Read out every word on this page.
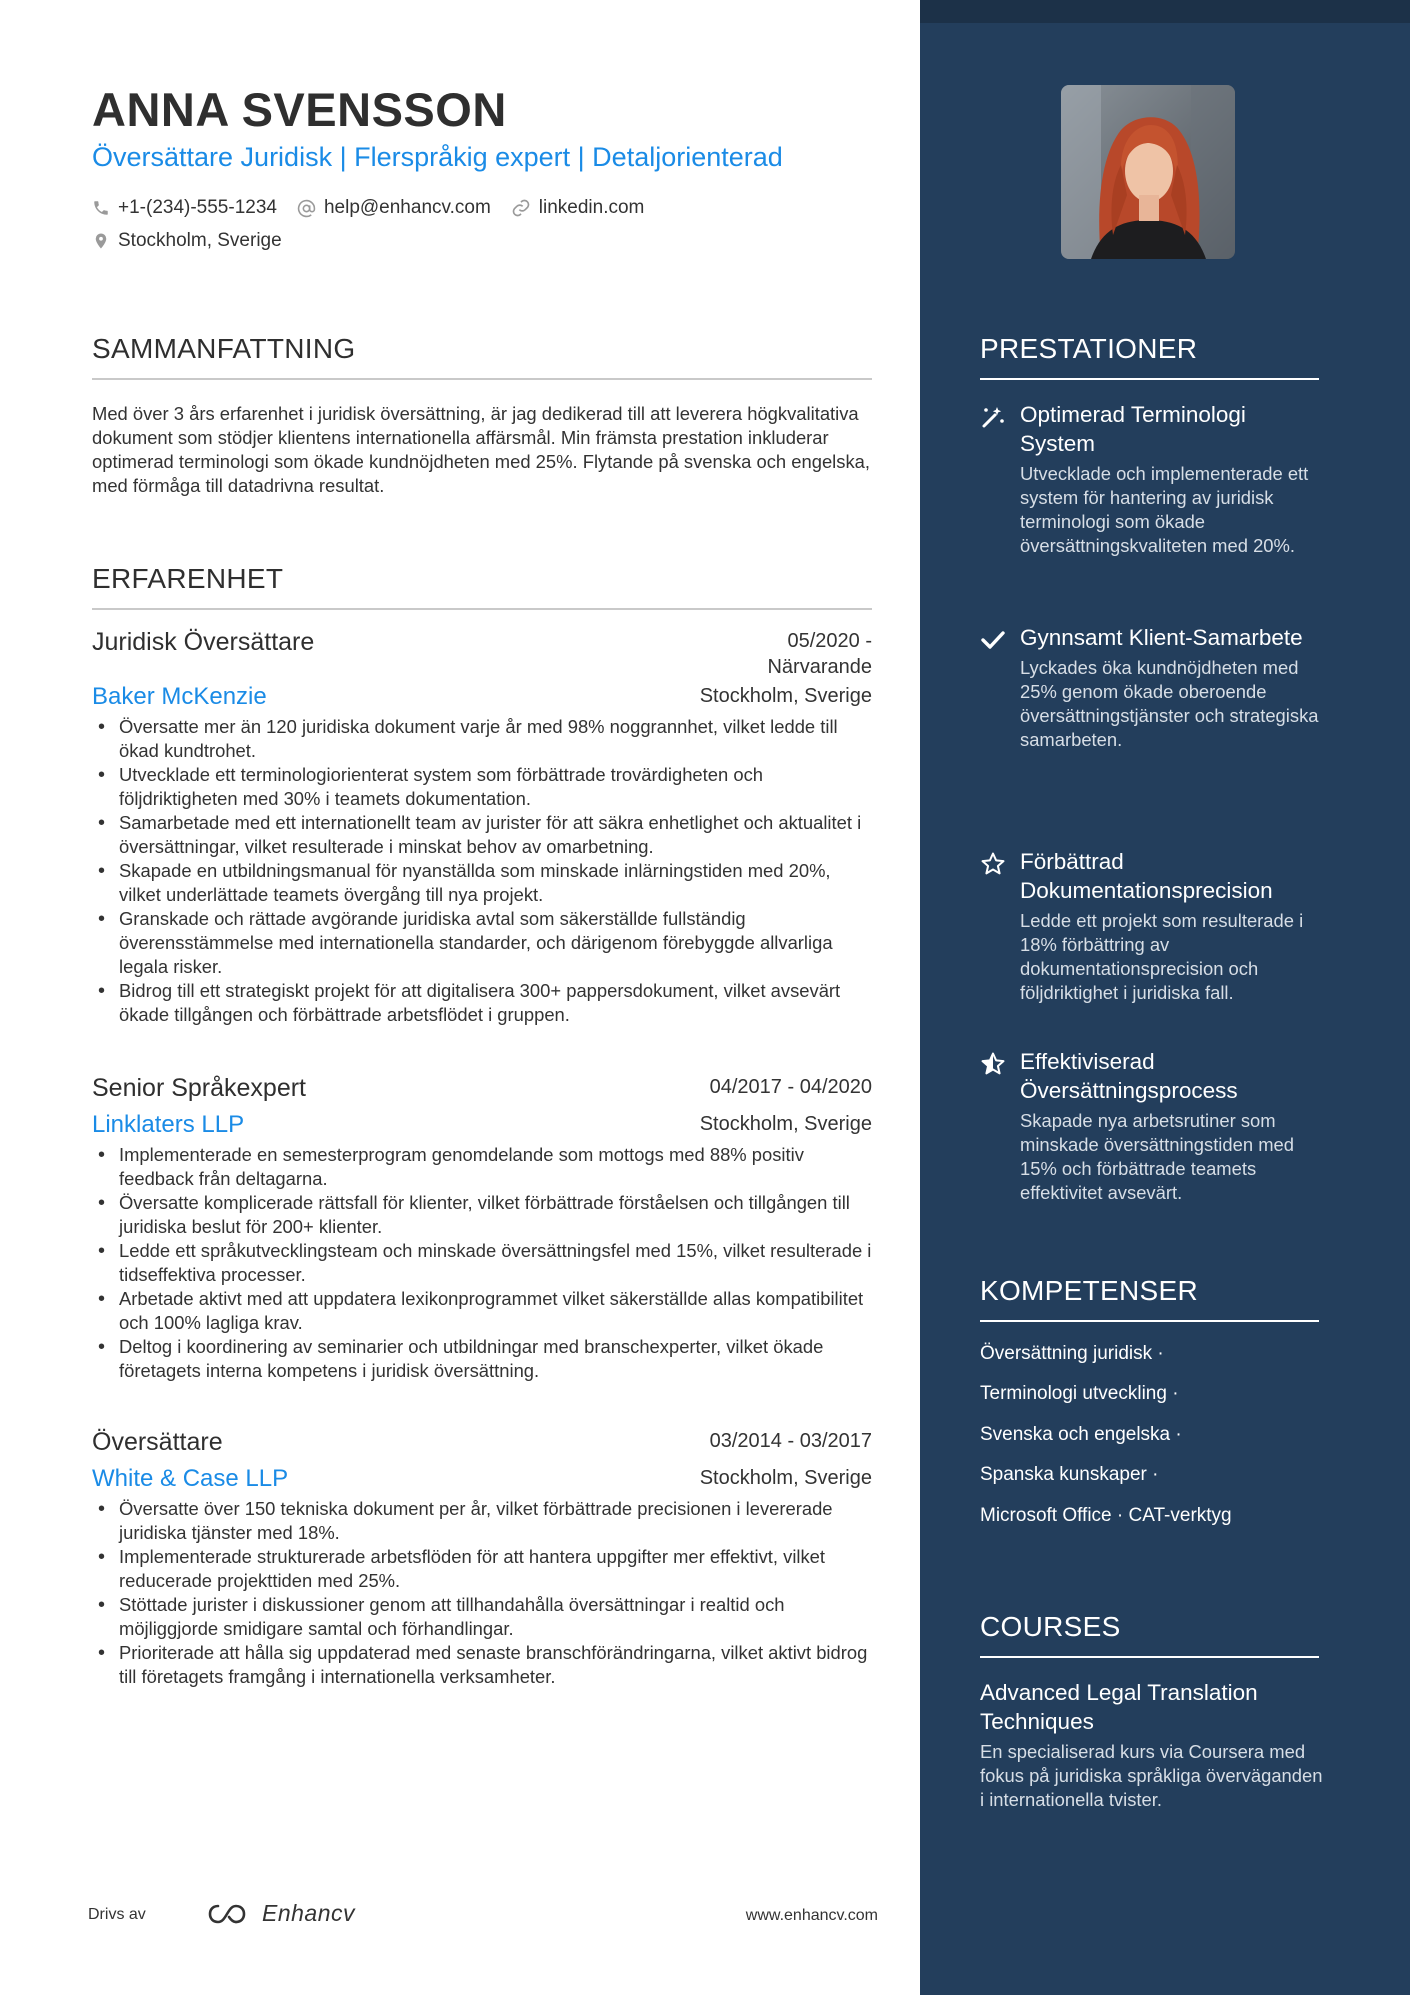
ANNA SVENSSON
Översättare Juridisk | Flerspråkig expert | Detaljorienterad
+1-(234)-555-1234 help@enhancv.com	linkedin.com
Stockholm, Sverige
SAMMANFATTNING
Med över 3 års erfarenhet i juridisk översättning, är jag dedikerad till att leverera högkvalitativa dokument som stödjer klientens internationella affärsmål. Min främsta prestation inkluderar optimerad terminologi som ökade kundnöjdheten med 25%. Flytande på svenska och engelska, med förmåga till datadrivna resultat.
ERFARENHET
Juridisk Översättare	05/2020 -
Närvarande
Baker McKenzie	Stockholm, Sverige
• Översatte mer än 120 juridiska dokument varje år med 98% noggrannhet, vilket ledde till ökad kundtrohet.
• Utvecklade ett terminologiorienterat system som förbättrade trovärdigheten och följdriktigheten med 30% i teamets dokumentation.
• Samarbetade med ett internationellt team av jurister för att säkra enhetlighet och aktualitet i översättningar, vilket resulterade i minskat behov av omarbetning.
• Skapade en utbildningsmanual för nyanställda som minskade inlärningstiden med 20%, vilket underlättade teamets övergång till nya projekt.
• Granskade och rättade avgörande juridiska avtal som säkerställde fullständig överensstämmelse med internationella standarder, och därigenom förebyggde allvarliga legala risker.
• Bidrog till ett strategiskt projekt för att digitalisera 300+ pappersdokument, vilket avsevärt ökade tillgången och förbättrade arbetsflödet i gruppen.
Senior Språkexpert	04/2017 - 04/2020
Linklaters LLP	Stockholm, Sverige
• Implementerade en semesterprogram genomdelande som mottogs med 88% positiv feedback från deltagarna.
• Översatte komplicerade rättsfall för klienter, vilket förbättrade förståelsen och tillgången till juridiska beslut för 200+ klienter.
• Ledde ett språkutvecklingsteam och minskade översättningsfel med 15%, vilket resulterade i tidseffektiva processer.
• Arbetade aktivt med att uppdatera lexikonprogrammet vilket säkerställde allas kompatibilitet och 100% lagliga krav.
• Deltog i koordinering av seminarier och utbildningar med branschexperter, vilket ökade företagets interna kompetens i juridisk översättning.
Översättare	03/2014 - 03/2017
White & Case LLP	Stockholm, Sverige
• Översatte över 150 tekniska dokument per år, vilket förbättrade precisionen i levererade juridiska tjänster med 18%.
• Implementerade strukturerade arbetsflöden för att hantera uppgifter mer effektivt, vilket reducerade projekttiden med 25%.
• Stöttade jurister i diskussioner genom att tillhandahålla översättningar i realtid och möjliggjorde smidigare samtal och förhandlingar.
• Prioriterade att hålla sig uppdaterad med senaste branschförändringarna, vilket aktivt bidrog till företagets framgång i internationella verksamheter.
Drivs av	Enhancv	www.enhancv.com
PRESTATIONER
Optimerad Terminologi System
Utvecklade och implementerade ett system för hantering av juridisk terminologi som ökade översättningskvaliteten med 20%.
Gynnsamt Klient-Samarbete
Lyckades öka kundnöjdheten med 25% genom ökade oberoende översättningstjänster och strategiska samarbeten.
Förbättrad Dokumentationsprecision
Ledde ett projekt som resulterade i 18% förbättring av dokumentationsprecision och följdriktighet i juridiska fall.
Effektiviserad Översättningsprocess
Skapade nya arbetsrutiner som minskade översättningstiden med 15% och förbättrade teamets effektivitet avsevärt.
KOMPETENSER
Översättning juridisk ·
Terminologi utveckling ·
Svenska och engelska ·
Spanska kunskaper ·
Microsoft Office · CAT-verktyg
COURSES
Advanced Legal Translation Techniques
En specialiserad kurs via Coursera med fokus på juridiska språkliga överväganden i internationella tvister.
